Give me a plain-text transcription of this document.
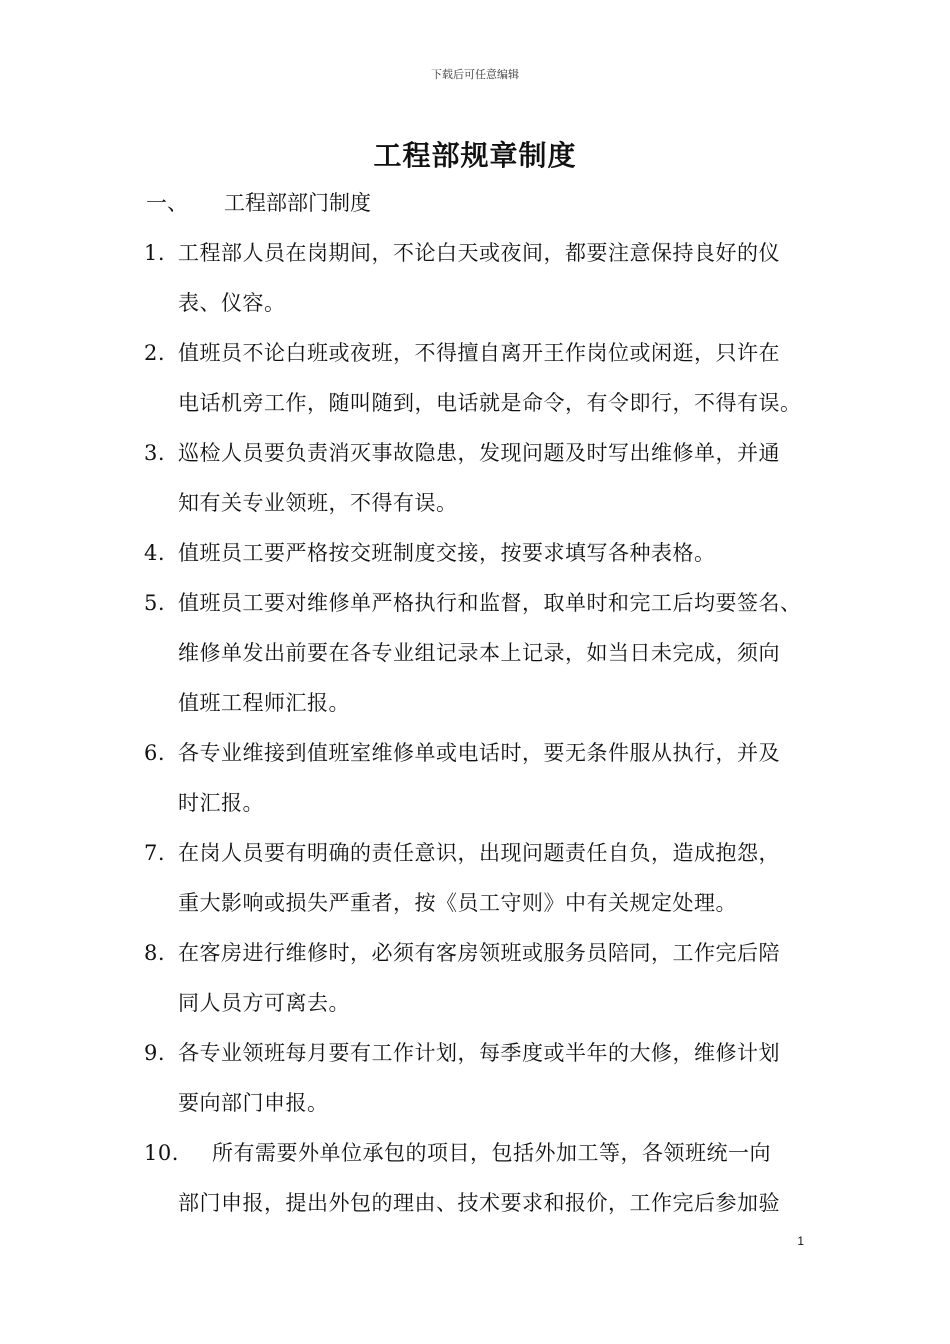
下载后可任意编辑
工程部规章制度
一、 工程部部门制度
1. 工程部人员在岗期间，不论白天或夜间，都要注意保持良好的仪
表、仪容。
2. 值班员不论白班或夜班，不得擅自离开王作岗位或闲逛，只许在
电话机旁工作，随叫随到，电话就是命令，有令即行，不得有误。
3. 巡检人员要负责消灭事故隐患，发现问题及时写出维修单，并通
知有关专业领班，不得有误。
4. 值班员工要严格按交班制度交接，按要求填写各种表格。
5. 值班员工要对维修单严格执行和监督，取单时和完工后均要签名、
维修单发出前要在各专业组记录本上记录，如当日未完成，须向
值班工程师汇报。
6. 各专业维接到值班室维修单或电话时，要无条件服从执行，并及
时汇报。
7. 在岗人员要有明确的责任意识，出现问题责任自负，造成抱怨，
重大影响或损失严重者，按《员工守则》中有关规定处理。
8. 在客房进行维修时，必须有客房领班或服务员陪同，工作完后陪
同人员方可离去。
9. 各专业领班每月要有工作计划，每季度或半年的大修，维修计划
要向部门申报。
10. 所有需要外单位承包的项目，包括外加工等，各领班统一向
部门申报，提出外包的理由、技术要求和报价，工作完后参加验
1
